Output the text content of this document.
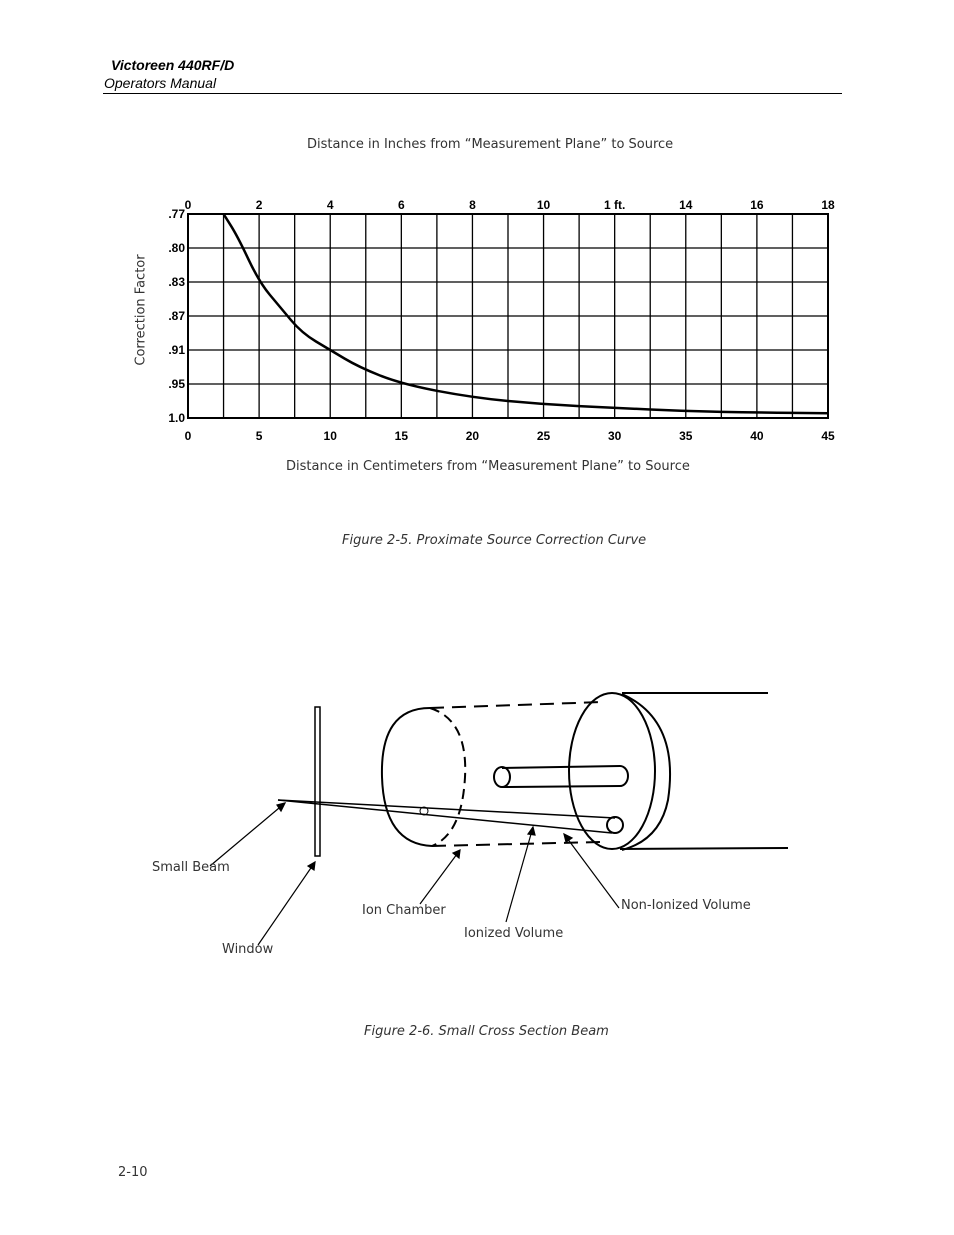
Victoreen 440RF/D
Operators Manual
Distance in Inches from “Measurement Plane” to Source
Correction Factor
Distance in Centimeters from “Measurement Plane” to Source
0	2	4	6	8	10	1 ft.	14	16	18
0	5	10	15	20	25	30	35	40	45
.77
.80
.83
.87
.91
.95
1.0
Figure 2-5. Proximate Source Correction Curve
Small Beam
Window
Ion Chamber
Ionized Volume
Non-Ionized Volume
Figure 2-6. Small Cross Section Beam
2-10
